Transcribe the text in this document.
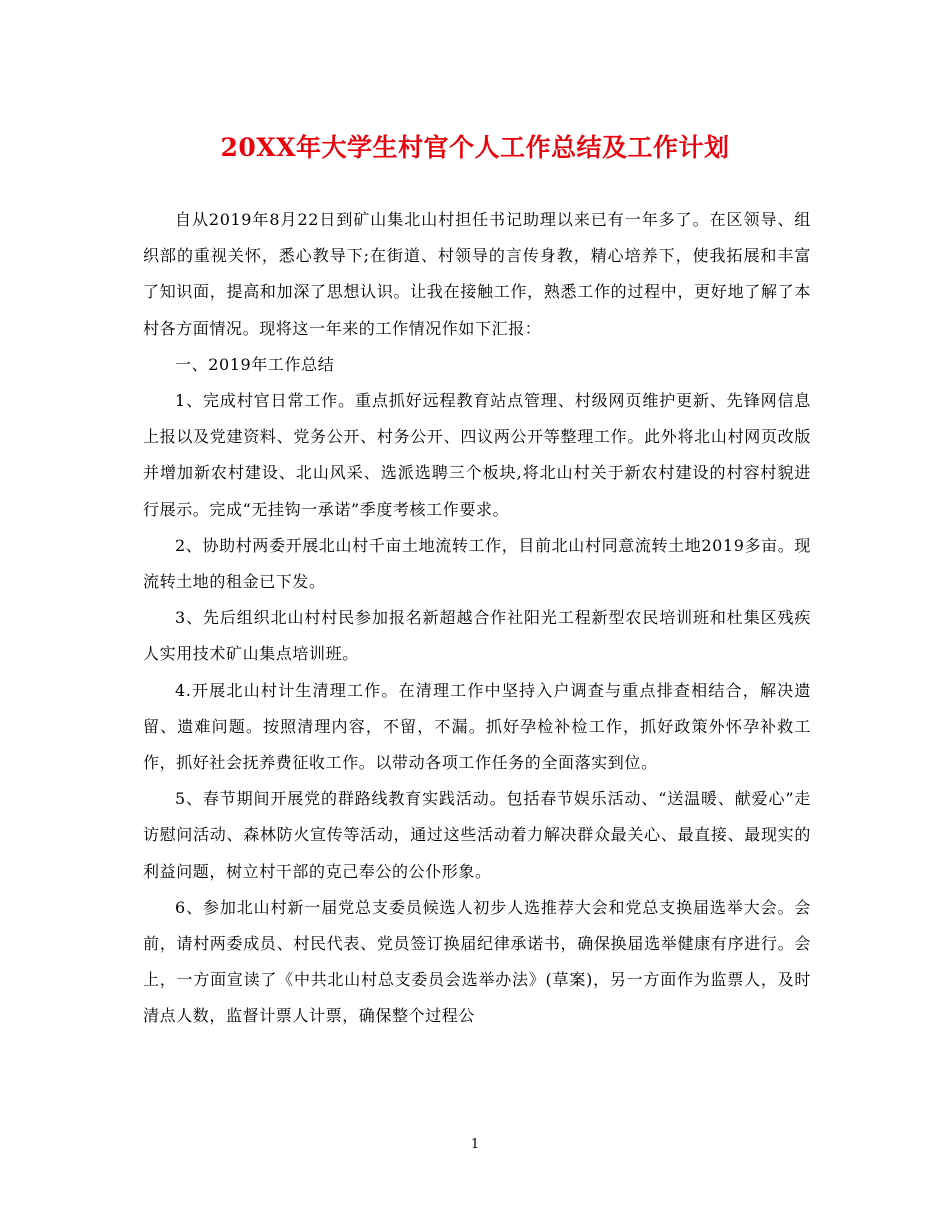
20XX年大学生村官个人工作总结及工作计划

自从2019年8月22日到矿山集北山村担任书记助理以来已有一年多了。在区领导、组织部的重视关怀，悉心教导下;在街道、村领导的言传身教，精心培养下，使我拓展和丰富了知识面，提高和加深了思想认识。让我在接触工作，熟悉工作的过程中，更好地了解了本村各方面情况。现将这一年来的工作情况作如下汇报：

一、2019年工作总结

1、完成村官日常工作。重点抓好远程教育站点管理、村级网页维护更新、先锋网信息上报以及党建资料、党务公开、村务公开、四议两公开等整理工作。此外将北山村网页改版并增加新农村建设、北山风采、选派选聘三个板块,将北山村关于新农村建设的村容村貌进行展示。完成“无挂钩一承诺”季度考核工作要求。

2、协助村两委开展北山村千亩土地流转工作，目前北山村同意流转土地2019多亩。现流转土地的租金已下发。

3、先后组织北山村村民参加报名新超越合作社阳光工程新型农民培训班和杜集区残疾人实用技术矿山集点培训班。

4.开展北山村计生清理工作。在清理工作中坚持入户调查与重点排查相结合，解决遗留、遗难问题。按照清理内容，不留，不漏。抓好孕检补检工作，抓好政策外怀孕补救工作，抓好社会抚养费征收工作。以带动各项工作任务的全面落实到位。

5、春节期间开展党的群路线教育实践活动。包括春节娱乐活动、“送温暖、献爱心”走访慰问活动、森林防火宣传等活动，通过这些活动着力解决群众最关心、最直接、最现实的利益问题，树立村干部的克己奉公的公仆形象。

6、参加北山村新一届党总支委员候选人初步人选推荐大会和党总支换届选举大会。会前，请村两委成员、村民代表、党员签订换届纪律承诺书，确保换届选举健康有序进行。会上，一方面宣读了《中共北山村总支委员会选举办法》(草案)，另一方面作为监票人，及时清点人数，监督计票人计票，确保整个过程公

1
